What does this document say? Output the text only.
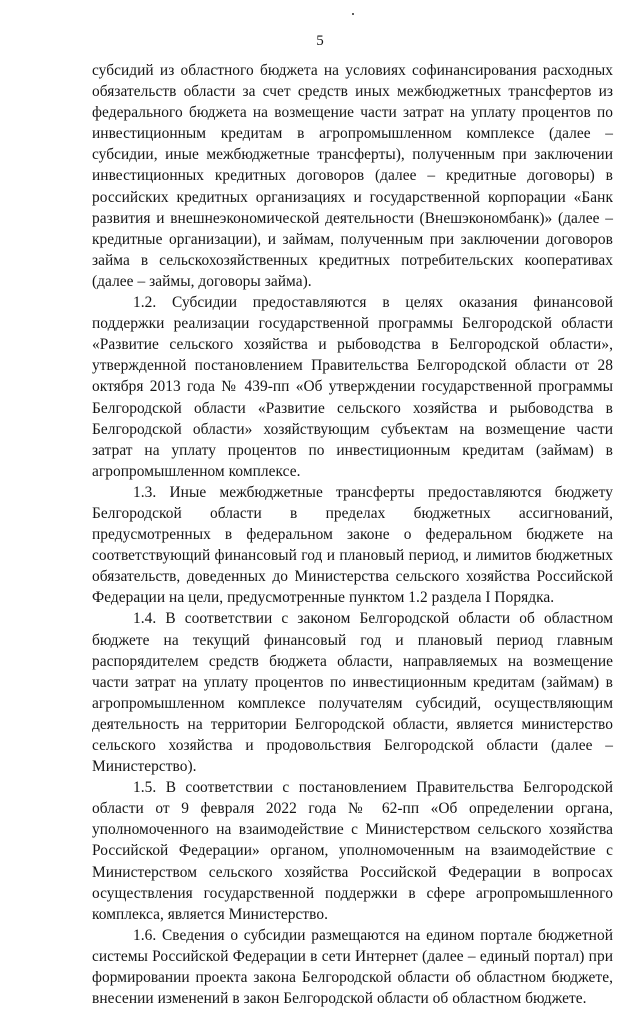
5

субсидий из областного бюджета на условиях софинансирования расходных обязательств области за счет средств иных межбюджетных трансфертов из федерального бюджета на возмещение части затрат на уплату процентов по инвестиционным кредитам в агропромышленном комплексе (далее – субсидии, иные межбюджетные трансферты), полученным при заключении инвестиционных кредитных договоров (далее – кредитные договоры) в российских кредитных организациях и государственной корпорации «Банк развития и внешнеэкономической деятельности (Внешэкономбанк)» (далее – кредитные организации), и займам, полученным при заключении договоров займа в сельскохозяйственных кредитных потребительских кооперативах (далее – займы, договоры займа).

1.2. Субсидии предоставляются в целях оказания финансовой поддержки реализации государственной программы Белгородской области «Развитие сельского хозяйства и рыбоводства в Белгородской области», утвержденной постановлением Правительства Белгородской области от 28 октября 2013 года № 439-пп «Об утверждении государственной программы Белгородской области «Развитие сельского хозяйства и рыбоводства в Белгородской области» хозяйствующим субъектам на возмещение части затрат на уплату процентов по инвестиционным кредитам (займам) в агропромышленном комплексе.

1.3. Иные межбюджетные трансферты предоставляются бюджету Белгородской области в пределах бюджетных ассигнований, предусмотренных в федеральном законе о федеральном бюджете на соответствующий финансовый год и плановый период, и лимитов бюджетных обязательств, доведенных до Министерства сельского хозяйства Российской Федерации на цели, предусмотренные пунктом 1.2 раздела I Порядка.

1.4. В соответствии с законом Белгородской области об областном бюджете на текущий финансовый год и плановый период главным распорядителем средств бюджета области, направляемых на возмещение части затрат на уплату процентов по инвестиционным кредитам (займам) в агропромышленном комплексе получателям субсидий, осуществляющим деятельность на территории Белгородской области, является министерство сельского хозяйства и продовольствия Белгородской области (далее – Министерство).

1.5. В соответствии с постановлением Правительства Белгородской области от 9 февраля 2022 года № 62-пп «Об определении органа, уполномоченного на взаимодействие с Министерством сельского хозяйства Российской Федерации» органом, уполномоченным на взаимодействие с Министерством сельского хозяйства Российской Федерации в вопросах осуществления государственной поддержки в сфере агропромышленного комплекса, является Министерство.

1.6. Сведения о субсидии размещаются на едином портале бюджетной системы Российской Федерации в сети Интернет (далее – единый портал) при формировании проекта закона Белгородской области об областном бюджете, внесении изменений в закон Белгородской области об областном бюджете.
